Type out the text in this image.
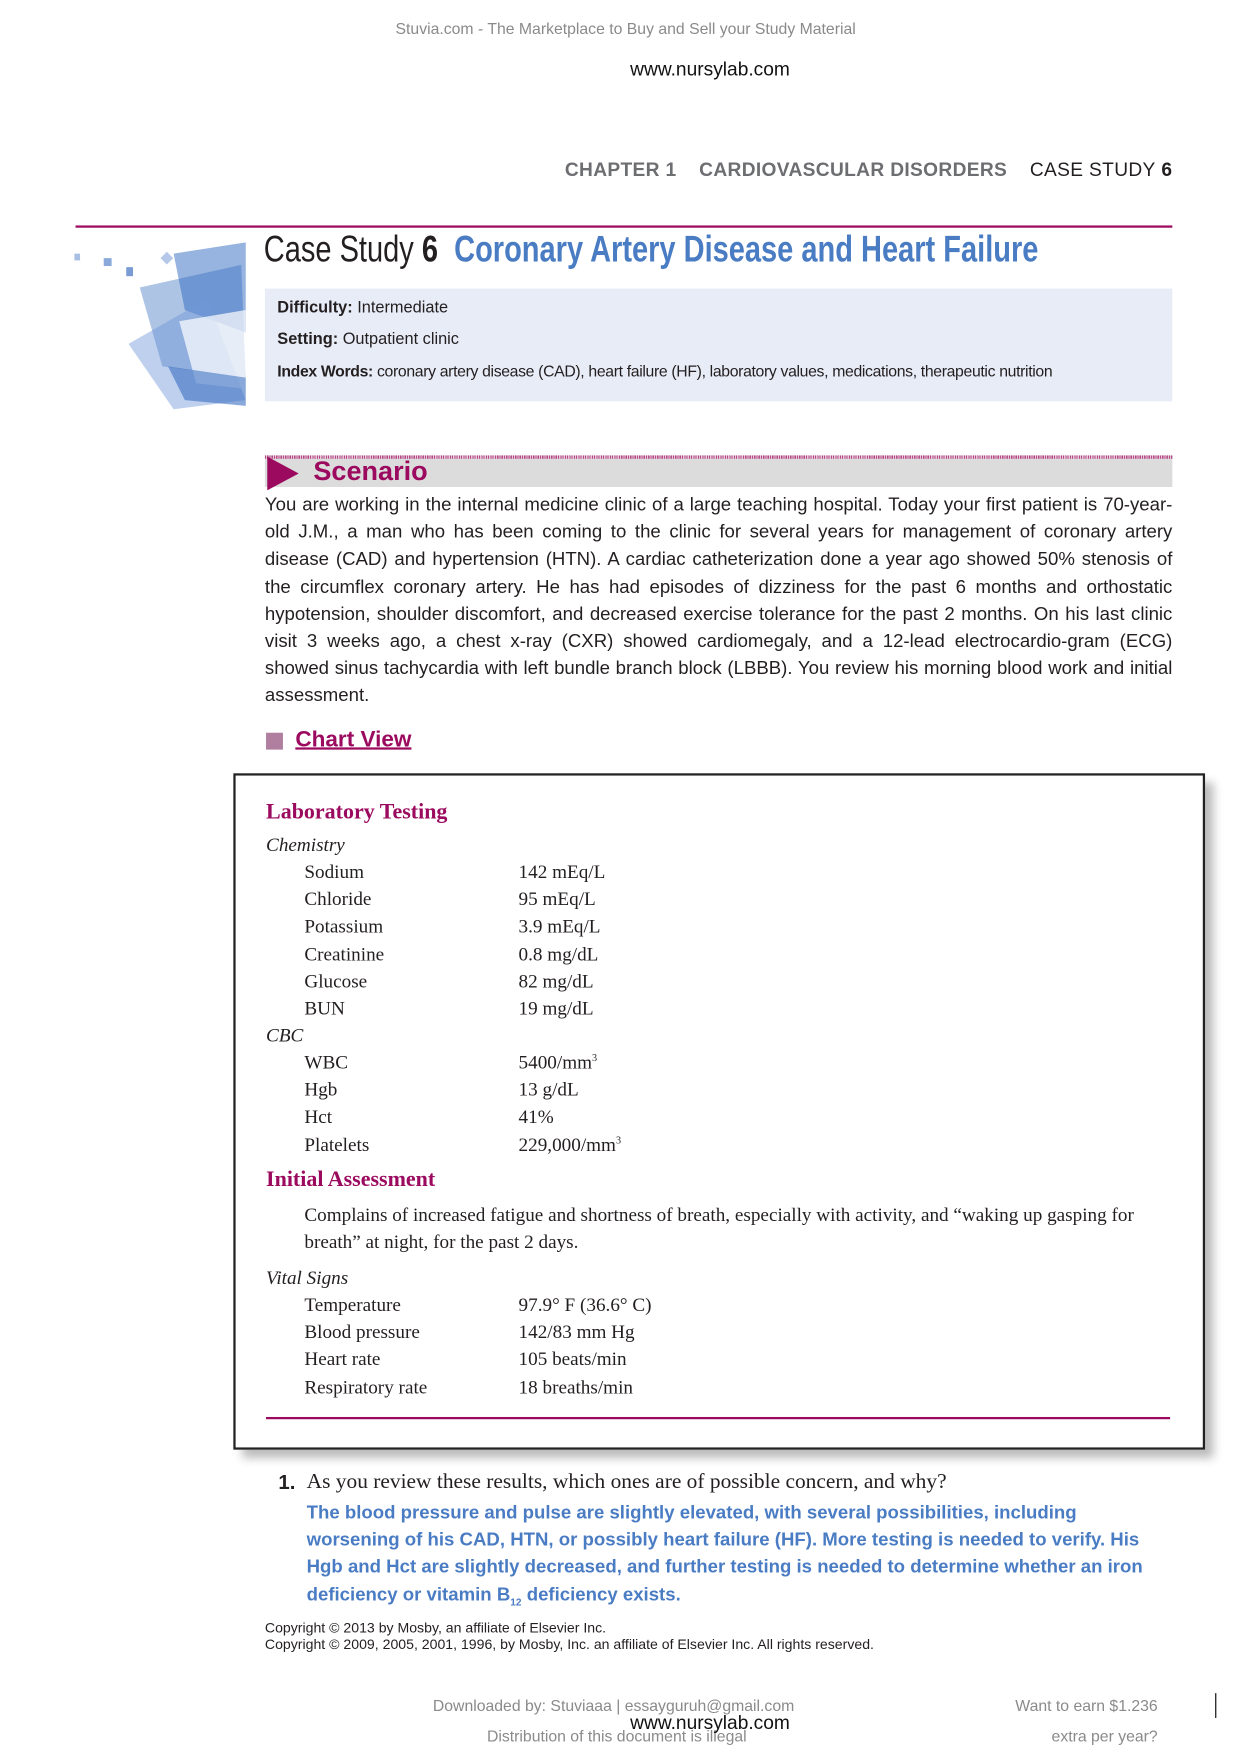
Stuvia.com - The Marketplace to Buy and Sell your Study Material
www.nursylab.com
CHAPTER 1 CARDIOVASCULAR DISORDERS CASE STUDY 6
Case Study 6 Coronary Artery Disease and Heart Failure
Difficulty: Intermediate
Setting: Outpatient clinic
Index Words: coronary artery disease (CAD), heart failure (HF), laboratory values, medications, therapeutic nutrition
Scenario
You are working in the internal medicine clinic of a large teaching hospital. Today your first patient is 70-year-old J.M., a man who has been coming to the clinic for several years for management of coronary artery disease (CAD) and hypertension (HTN). A cardiac catheterization done a year ago showed 50% stenosis of the circumflex coronary artery. He has had episodes of dizziness for the past 6 months and orthostatic hypotension, shoulder discomfort, and decreased exercise tolerance for the past 2 months. On his last clinic visit 3 weeks ago, a chest x-ray (CXR) showed cardiomegaly, and a 12-lead electrocardio-gram (ECG) showed sinus tachycardia with left bundle branch block (LBBB). You review his morning blood work and initial assessment.
Chart View
Laboratory Testing
Chemistry
Sodium	142 mEq/L
Chloride	95 mEq/L
Potassium	3.9 mEq/L
Creatinine	0.8 mg/dL
Glucose	82 mg/dL
BUN	19 mg/dL
CBC
WBC	$5400/mm^3$
Hgb	13 g/dL
Hct	41%
Platelets	$229,000/mm^3$
Initial Assessment
Complains of increased fatigue and shortness of breath, especially with activity, and “waking up gasping for breath” at night, for the past 2 days.
Vital Signs
Temperature	97.9° F (36.6° C)
Blood pressure	142/83 mm Hg
Heart rate	105 beats/min
Respiratory rate	18 breaths/min
1. As you review these results, which ones are of possible concern, and why?
The blood pressure and pulse are slightly elevated, with several possibilities, including worsening of his CAD, HTN, or possibly heart failure (HF). More testing is needed to verify. His Hgb and Hct are slightly decreased, and further testing is needed to determine whether an iron deficiency or vitamin $B_{12}$ deficiency exists.
Copyright © 2013 by Mosby, an affiliate of Elsevier Inc.
Copyright © 2009, 2005, 2001, 1996, by Mosby, Inc. an affiliate of Elsevier Inc. All rights reserved.
Downloaded by: Stuviaaa | essayguruh@gmail.com
Distribution of this document is illegal
www.nursylab.com
Want to earn $1.236
extra per year?
